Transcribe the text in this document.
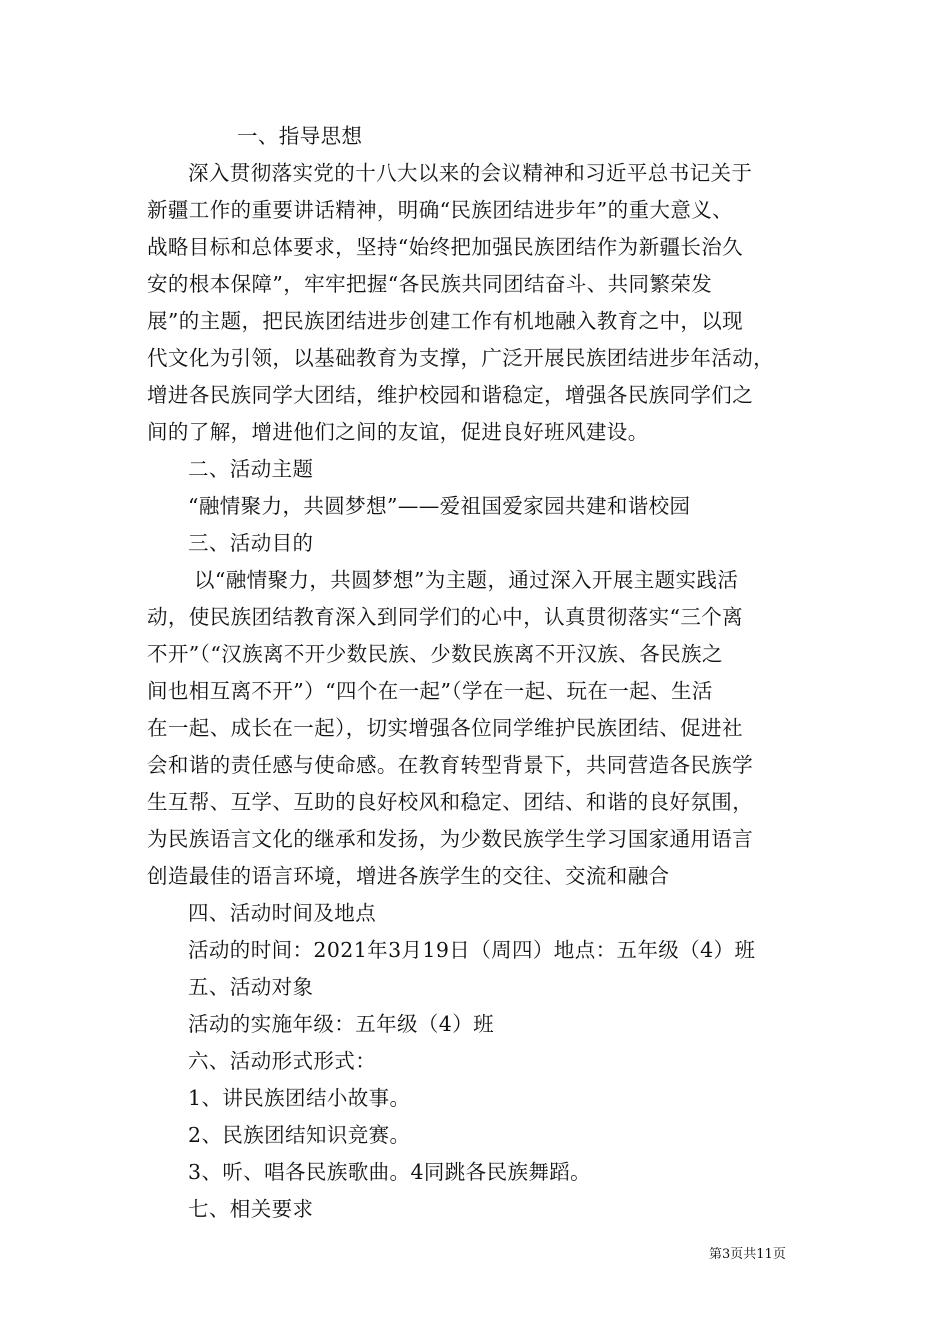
一、指导思想
深入贯彻落实党的十八大以来的会议精神和习近平总书记关于
新疆工作的重要讲话精神，明确“民族团结进步年”的重大意义、
战略目标和总体要求，坚持“始终把加强民族团结作为新疆长治久
安的根本保障”，牢牢把握“各民族共同团结奋斗、共同繁荣发
展”的主题，把民族团结进步创建工作有机地融入教育之中，以现
代文化为引领，以基础教育为支撑，广泛开展民族团结进步年活动，
增进各民族同学大团结，维护校园和谐稳定，增强各民族同学们之
间的了解，增进他们之间的友谊，促进良好班风建设。
二、活动主题
“融情聚力，共圆梦想”——爱祖国爱家园共建和谐校园
三、活动目的
以“融情聚力，共圆梦想”为主题，通过深入开展主题实践活
动，使民族团结教育深入到同学们的心中，认真贯彻落实“三个离
不开”（“汉族离不开少数民族、少数民族离不开汉族、各民族之
间也相互离不开”）“四个在一起”（学在一起、玩在一起、生活
在一起、成长在一起），切实增强各位同学维护民族团结、促进社
会和谐的责任感与使命感。在教育转型背景下，共同营造各民族学
生互帮、互学、互助的良好校风和稳定、团结、和谐的良好氛围，
为民族语言文化的继承和发扬，为少数民族学生学习国家通用语言
创造最佳的语言环境，增进各族学生的交往、交流和融合
四、活动时间及地点
活动的时间：2021年3月19日（周四）地点：五年级（4）班
五、活动对象
活动的实施年级：五年级（4）班
六、活动形式形式：
1、讲民族团结小故事。
2、民族团结知识竞赛。
3、听、唱各民族歌曲。4同跳各民族舞蹈。
七、相关要求
第3页共11页
